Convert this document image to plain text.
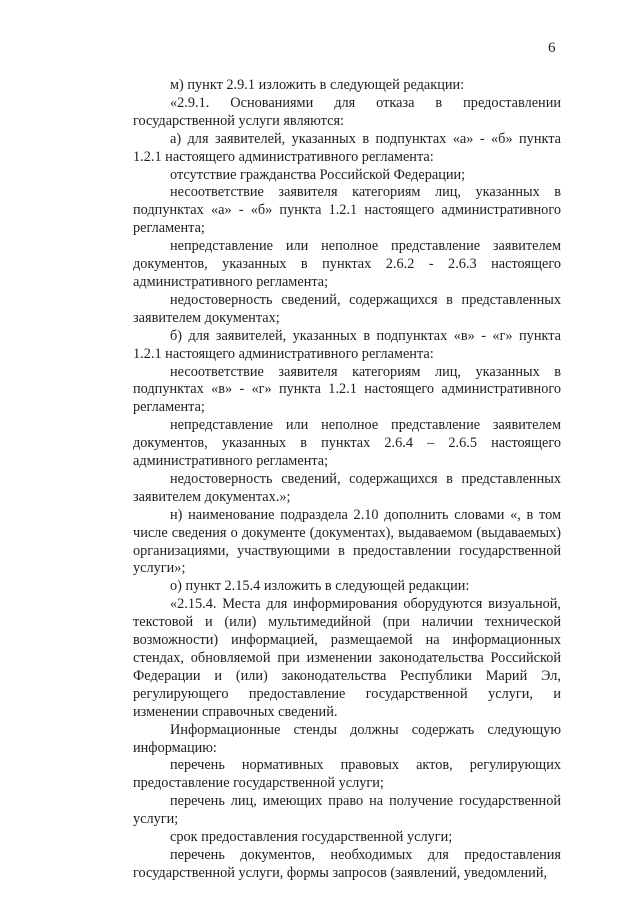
6

м) пункт 2.9.1 изложить в следующей редакции:

«2.9.1. Основаниями для отказа в предоставлении государственной услуги являются:

а) для заявителей, указанных в подпунктах «а» - «б» пункта 1.2.1 настоящего административного регламента:

отсутствие гражданства Российской Федерации;

несоответствие заявителя категориям лиц, указанных в подпунктах «а» - «б» пункта 1.2.1 настоящего административного регламента;

непредставление или неполное представление заявителем документов, указанных в пунктах 2.6.2 - 2.6.3 настоящего административного регламента;

недостоверность сведений, содержащихся в представленных заявителем документах;

б) для заявителей, указанных в подпунктах «в» - «г» пункта 1.2.1 настоящего административного регламента:

несоответствие заявителя категориям лиц, указанных в подпунктах «в» - «г» пункта 1.2.1 настоящего административного регламента;

непредставление или неполное представление заявителем документов, указанных в пунктах 2.6.4 – 2.6.5 настоящего административного регламента;

недостоверность сведений, содержащихся в представленных заявителем документах.»;

н) наименование подраздела 2.10 дополнить словами «, в том числе сведения о документе (документах), выдаваемом (выдаваемых) организациями, участвующими в предоставлении государственной услуги»;

о) пункт 2.15.4 изложить в следующей редакции:

«2.15.4. Места для информирования оборудуются визуальной, текстовой и (или) мультимедийной (при наличии технической возможности) информацией, размещаемой на информационных стендах, обновляемой при изменении законодательства Российской Федерации и (или) законодательства Республики Марий Эл, регулирующего предоставление государственной услуги, и изменении справочных сведений.

Информационные стенды должны содержать следующую информацию:

перечень нормативных правовых актов, регулирующих предоставление государственной услуги;

перечень лиц, имеющих право на получение государственной услуги;

срок предоставления государственной услуги;

перечень документов, необходимых для предоставления государственной услуги, формы запросов (заявлений, уведомлений,
